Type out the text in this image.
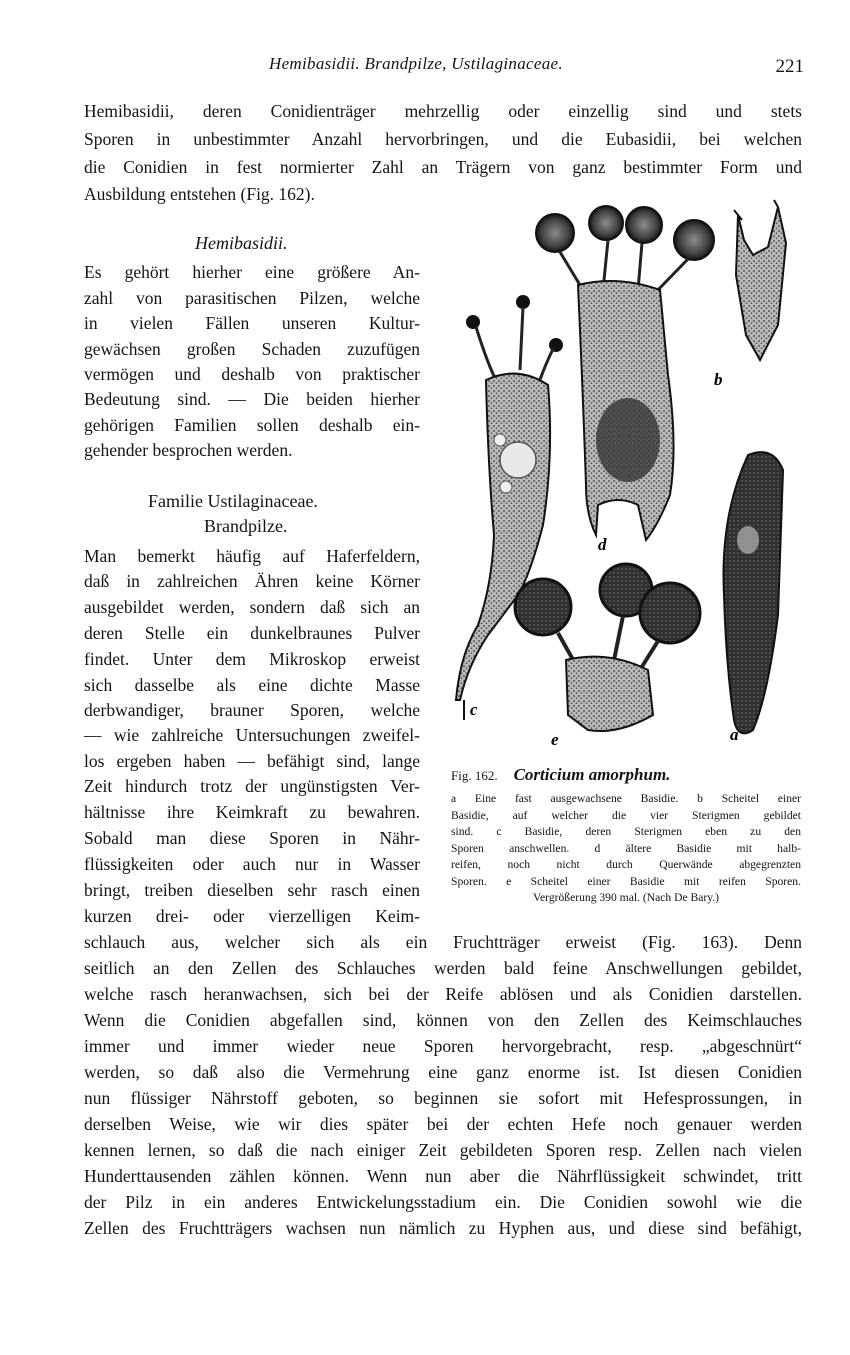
Hemibasidii. Brandpilze, Ustilaginaceae.	221
Hemibasidii, deren Conidienträger mehrzellig oder einzellig sind und stets
Sporen in unbestimmter Anzahl hervorbringen, und die Eubasidii, bei welchen
die Conidien in fest normierter Zahl an Trägern von ganz bestimmter Form und
Ausbildung entstehen (Fig. 162).
Hemibasidii.
Es gehört hierher eine größere An-
zahl von parasitischen Pilzen, welche
in vielen Fällen unseren Kultur-
gewächsen großen Schaden zuzufügen
vermögen und deshalb von praktischer
Bedeutung sind. — Die beiden hierher
gehörigen Familien sollen deshalb ein-
gehender besprochen werden.
Familie Ustilaginaceae.
Brandpilze.
Man bemerkt häufig auf Haferfeldern,
daß in zahlreichen Ähren keine Körner
ausgebildet werden, sondern daß sich an
deren Stelle ein dunkelbraunes Pulver
findet. Unter dem Mikroskop erweist
sich dasselbe als eine dichte Masse
derbwandiger, brauner Sporen, welche
— wie zahlreiche Untersuchungen zweifel-
los ergeben haben — befähigt sind, lange
Zeit hindurch trotz der ungünstigsten Ver-
hältnisse ihre Keimkraft zu bewahren.
Sobald man diese Sporen in Nähr-
flüssigkeiten oder auch nur in Wasser
bringt, treiben dieselben sehr rasch einen
kurzen drei- oder vierzelligen Keim-
schlauch aus, welcher sich als ein Fruchtträger erweist (Fig. 163). Denn
seitlich an den Zellen des Schlauches werden bald feine Anschwellungen gebildet,
welche rasch heranwachsen, sich bei der Reife ablösen und als Conidien darstellen.
Wenn die Conidien abgefallen sind, können von den Zellen des Keimschlauches
immer und immer wieder neue Sporen hervorgebracht, resp. „abgeschnürt“
werden, so daß also die Vermehrung eine ganz enorme ist. Ist diesen Conidien
nun flüssiger Nährstoff geboten, so beginnen sie sofort mit Hefesprossungen, in
derselben Weise, wie wir dies später bei der echten Hefe noch genauer werden
kennen lernen, so daß die nach einiger Zeit gebildeten Sporen resp. Zellen nach vielen
Hunderttausenden zählen können. Wenn nun aber die Nährflüssigkeit schwindet, tritt
der Pilz in ein anderes Entwickelungsstadium ein. Die Conidien sowohl wie die
Zellen des Fruchtträgers wachsen nun nämlich zu Hyphen aus, und diese sind befähigt,
b
d
c
e	a
Fig. 162. Corticium amorphum.
a Eine fast ausgewachsene Basidie. b Scheitel einer
Basidie, auf welcher die vier Sterigmen gebildet
sind. c Basidie, deren Sterigmen eben zu den
Sporen anschwellen. d ältere Basidie mit halb-
reifen, noch nicht durch Querwände abgegrenzten
Sporen. e Scheitel einer Basidie mit reifen Sporen.
Vergrößerung 390 mal. (Nach De Bary.)
